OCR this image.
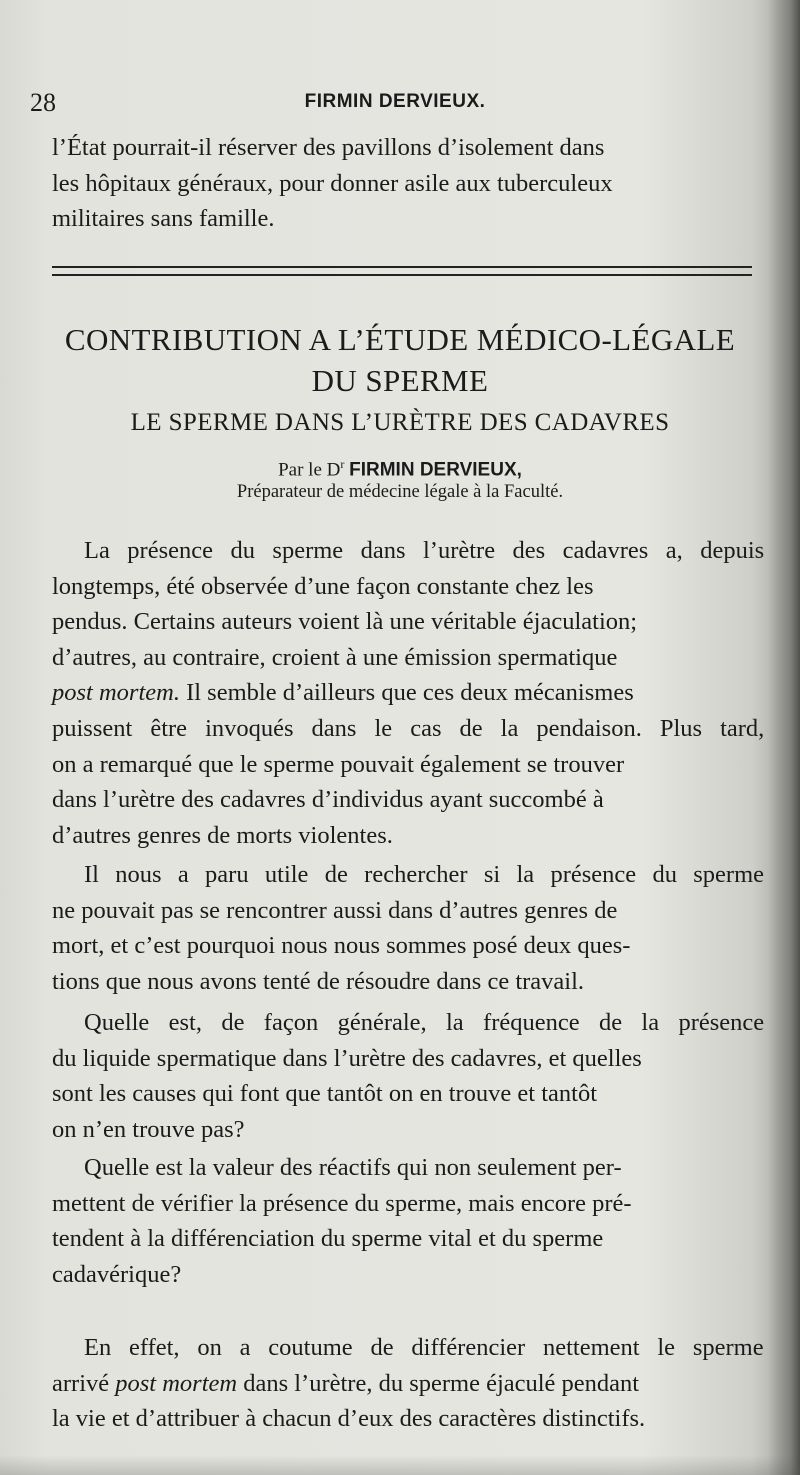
28	FIRMIN DERVIEUX.
l’État pourrait-il réserver des pavillons d’isolement dans
les hôpitaux généraux, pour donner asile aux tuberculeux
militaires sans famille.
CONTRIBUTION A L’ÉTUDE MÉDICO-LÉGALE
DU SPERME
LE SPERME DANS L’URÈTRE DES CADAVRES
Par le $D^r$ FIRMIN DERVIEUX,
Préparateur de médecine légale à la Faculté.
La présence du sperme dans l’urètre des cadavres a, depuis
longtemps, été observée d’une façon constante chez les
pendus. Certains auteurs voient là une véritable éjaculation;
d’autres, au contraire, croient à une émission spermatique
post mortem. Il semble d’ailleurs que ces deux mécanismes
puissent être invoqués dans le cas de la pendaison. Plus tard,
on a remarqué que le sperme pouvait également se trouver
dans l’urètre des cadavres d’individus ayant succombé à
d’autres genres de morts violentes.
Il nous a paru utile de rechercher si la présence du sperme
ne pouvait pas se rencontrer aussi dans d’autres genres de
mort, et c’est pourquoi nous nous sommes posé deux ques-
tions que nous avons tenté de résoudre dans ce travail.
Quelle est, de façon générale, la fréquence de la présence
du liquide spermatique dans l’urètre des cadavres, et quelles
sont les causes qui font que tantôt on en trouve et tantôt
on n’en trouve pas?
Quelle est la valeur des réactifs qui non seulement per-
mettent de vérifier la présence du sperme, mais encore pré-
tendent à la différenciation du sperme vital et du sperme
cadavérique?
En effet, on a coutume de différencier nettement le sperme
arrivé post mortem dans l’urètre, du sperme éjaculé pendant
la vie et d’attribuer à chacun d’eux des caractères distinctifs.
